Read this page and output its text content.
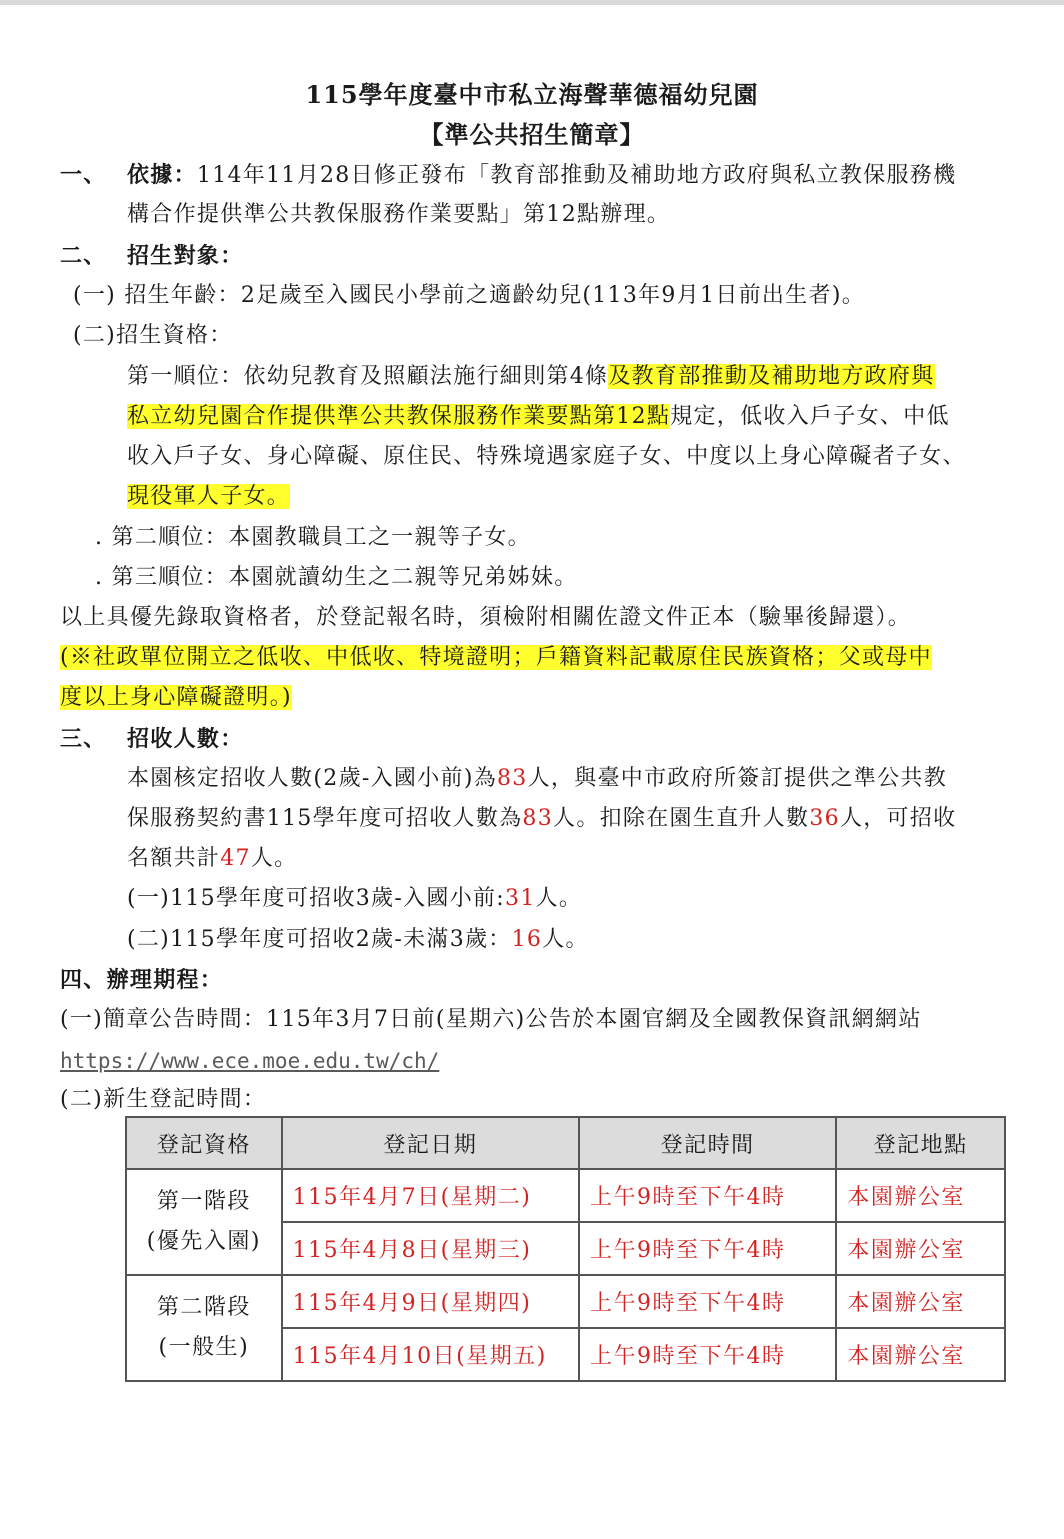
115學年度臺中市私立海聲華德福幼兒園
【準公共招生簡章】
一、 依據：114年11月28日修正發布「教育部推動及補助地方政府與私立教保服務機
構合作提供準公共教保服務作業要點」第12點辦理。
二、 招生對象：
(一) 招生年齡：2足歲至入國民小學前之適齡幼兒(113年9月1日前出生者)。
(二)招生資格：
第一順位：依幼兒教育及照顧法施行細則第4條及教育部推動及補助地方政府與
私立幼兒園合作提供準公共教保服務作業要點第12點規定，低收入戶子女、中低
收入戶子女、身心障礙、原住民、特殊境遇家庭子女、中度以上身心障礙者子女、
現役軍人子女。
. 第二順位：本園教職員工之一親等子女。
. 第三順位：本園就讀幼生之二親等兄弟姊妹。
以上具優先錄取資格者，於登記報名時，須檢附相關佐證文件正本（驗畢後歸還）。
(※社政單位開立之低收、中低收、特境證明；戶籍資料記載原住民族資格；父或母中
度以上身心障礙證明。)
三、 招收人數：
本園核定招收人數(2歲-入國小前)為83人，與臺中市政府所簽訂提供之準公共教
保服務契約書115學年度可招收人數為83人。扣除在園生直升人數36人，可招收
名額共計47人。
(一)115學年度可招收3歲-入國小前:31人。
(二)115學年度可招收2歲-未滿3歲：16人。
四、辦理期程：
(一)簡章公告時間：115年3月7日前(星期六)公告於本園官網及全國教保資訊網網站
https://www.ece.moe.edu.tw/ch/
(二)新生登記時間：
登記資格	登記日期	登記時間	登記地點

第一階段
(優先入園)	115年4月7日(星期二)	上午9時至下午4時	本園辦公室
	115年4月8日(星期三)	上午9時至下午4時	本園辦公室

第二階段
(一般生)	115年4月9日(星期四)	上午9時至下午4時	本園辦公室
	115年4月10日(星期五)	上午9時至下午4時	本園辦公室
